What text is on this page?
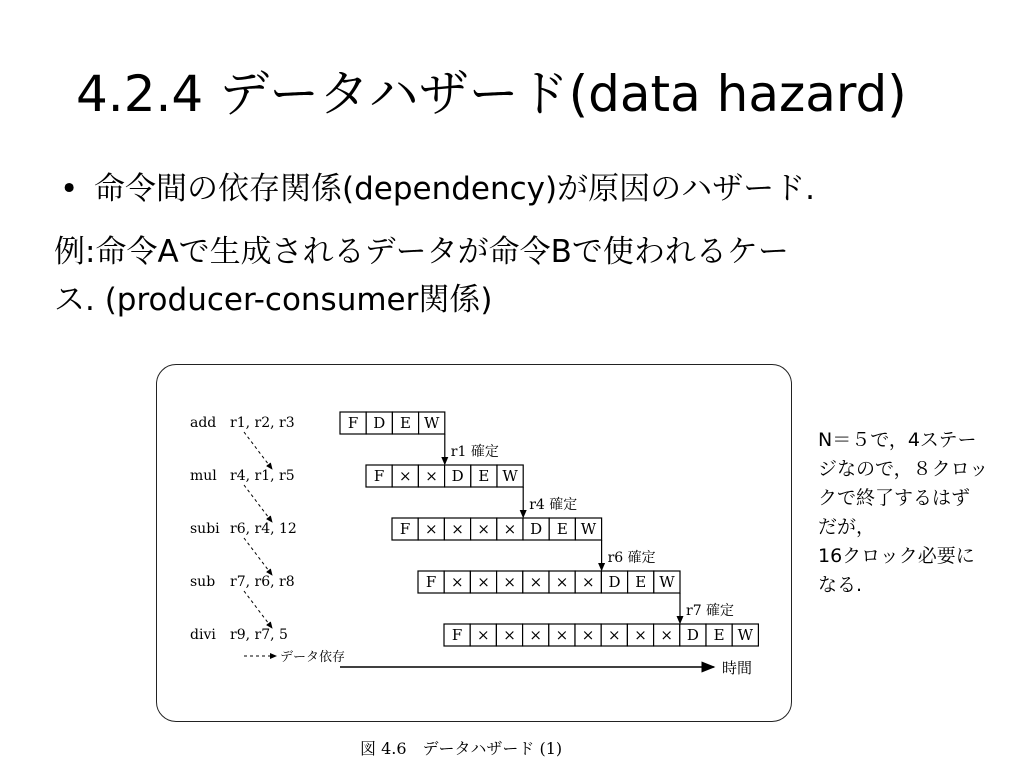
4.2.4 データハザード(data hazard)
• 命令間の依存関係(dependency)が原因のハザード.
例:命令Aで生成されるデータが命令Bで使われるケー
ス. (producer-consumer関係)
add r1, r2, r3
mul r4, r1, r5
subi r6, r4, 12
sub r7, r6, r8
divi r9, r7, 5
F D E W
F × × D E W
F × × × × D E W
F × × × × × × D E W
F × × × × × × × × D E W
r1 確定
r4 確定
r6 確定
r7 確定
データ依存
時間
N＝５で，4ステー
ジなので，８クロッ
クで終了するはず
だが，
16クロック必要に
なる.
図 4.6　データハザード (1)
